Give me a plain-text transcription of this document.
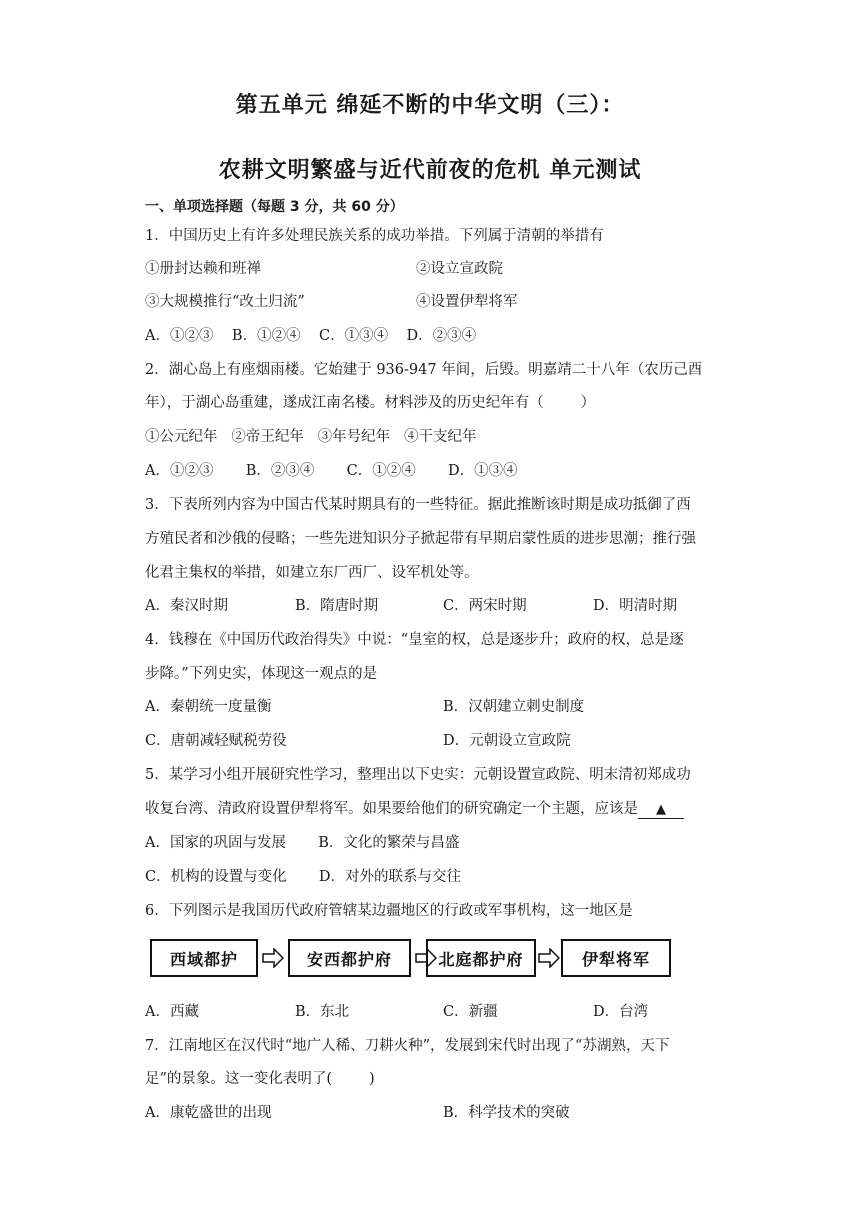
第五单元 绵延不断的中华文明（三）：
农耕文明繁盛与近代前夜的危机 单元测试
一、单项选择题（每题 3 分，共 60 分）
1．中国历史上有许多处理民族关系的成功举措。下列属于清朝的举措有
①册封达赖和班禅	②设立宣政院
③大规模推行“改土归流”	④设置伊犁将军
A．①②③    B．①②④    C．①③④    D．②③④
2．湖心岛上有座烟雨楼。它始建于 936-947 年间，后毁。明嘉靖二十八年（农历己酉
年），于湖心岛重建，遂成江南名楼。材料涉及的历史纪年有（        ）
①公元纪年   ②帝王纪年   ③年号纪年   ④干支纪年
A．①②③       B．②③④       C．①②④       D．①③④
3．下表所列内容为中国古代某时期具有的一些特征。据此推断该时期是成功抵御了西
方殖民者和沙俄的侵略；一些先进知识分子掀起带有早期启蒙性质的进步思潮；推行强
化君主集权的举措，如建立东厂西厂、设军机处等。
A．秦汉时期	B．隋唐时期	C．两宋时期	D．明清时期
4．钱穆在《中国历代政治得失》中说：“皇室的权，总是逐步升；政府的权，总是逐
步降。”下列史实，体现这一观点的是
A．秦朝统一度量衡	B．汉朝建立刺史制度
C．唐朝减轻赋税劳役	D．元朝设立宣政院
5．某学习小组开展研究性学习，整理出以下史实：元朝设置宣政院、明末清初郑成功
收复台湾、清政府设置伊犁将军。如果要给他们的研究确定一个主题，应该是 ▲
A．国家的巩固与发展       B．文化的繁荣与昌盛
C．机构的设置与变化       D．对外的联系与交往
6．下列图示是我国历代政府管辖某边疆地区的行政或军事机构，这一地区是
西域都护	安西都护府	北庭都护府	伊犁将军
A．西藏	B．东北	C．新疆	D．台湾
7．江南地区在汉代时“地广人稀、刀耕火种”，发展到宋代时出现了“苏湖熟，天下
足”的景象。这一变化表明了(        )
A．康乾盛世的出现	B．科学技术的突破
